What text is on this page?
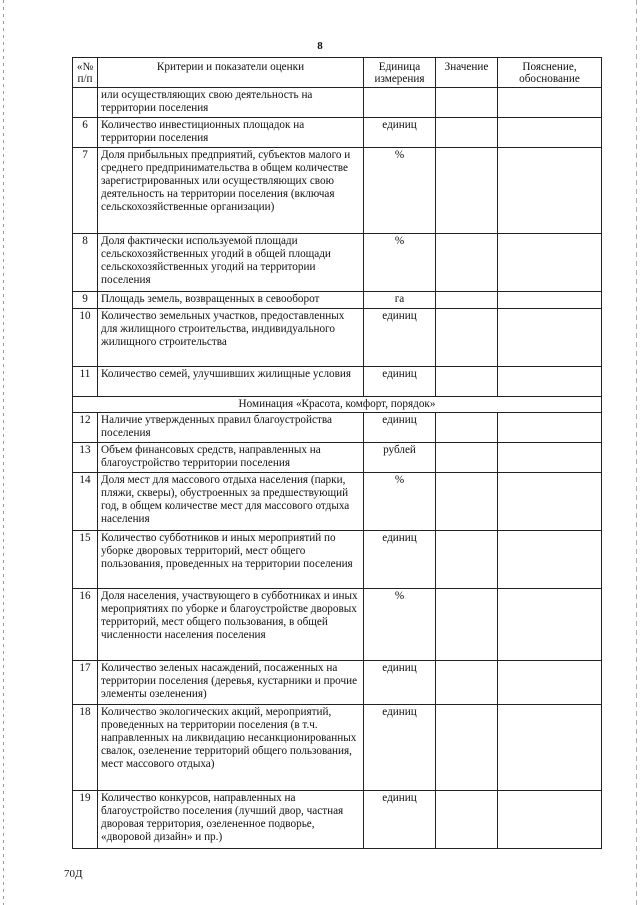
8
«№ п/п	Критерии и показатели оценки	Единица измерения	Значение	Пояснение, обоснование
	или осуществляющих свою деятельность на территории поселения			
6	Количество инвестиционных площадок на территории поселения	единиц		
7	Доля прибыльных предприятий, субъектов малого и среднего предпринимательства в общем количестве зарегистрированных или осуществляющих свою деятельность на территории поселения (включая сельскохозяйственные организации)	%		
8	Доля фактически используемой площади сельскохозяйственных угодий в общей площади сельскохозяйственных угодий на территории поселения	%		
9	Площадь земель, возвращенных в севооборот	га		
10	Количество земельных участков, предоставленных для жилищного строительства, индивидуального жилищного строительства	единиц		
11	Количество семей, улучшивших жилищные условия	единиц		
Номинация «Красота, комфорт, порядок»				
12	Наличие утвержденных правил благоустройства поселения	единиц		
13	Объем финансовых средств, направленных на благоустройство территории поселения	рублей		
14	Доля мест для массового отдыха населения (парки, пляжи, скверы), обустроенных за предшествующий год, в общем количестве мест для массового отдыха населения	%		
15	Количество субботников и иных мероприятий по уборке дворовых территорий, мест общего пользования, проведенных на территории поселения	единиц		
16	Доля населения, участвующего в субботниках и иных мероприятиях по уборке и благоустройстве дворовых территорий, мест общего пользования, в общей численности населения поселения	%		
17	Количество зеленых насаждений, посаженных на территории поселения (деревья, кустарники и прочие элементы озеленения)	единиц		
18	Количество экологических акций, мероприятий, проведенных на территории поселения (в т.ч. направленных на ликвидацию несанкционированных свалок, озеленение территорий общего пользования, мест массового отдыха)	единиц		
19	Количество конкурсов, направленных на благоустройство поселения (лучший двор, частная дворовая территория, озелененное подворье, «дворовой дизайн» и пр.)	единиц		
70Д
